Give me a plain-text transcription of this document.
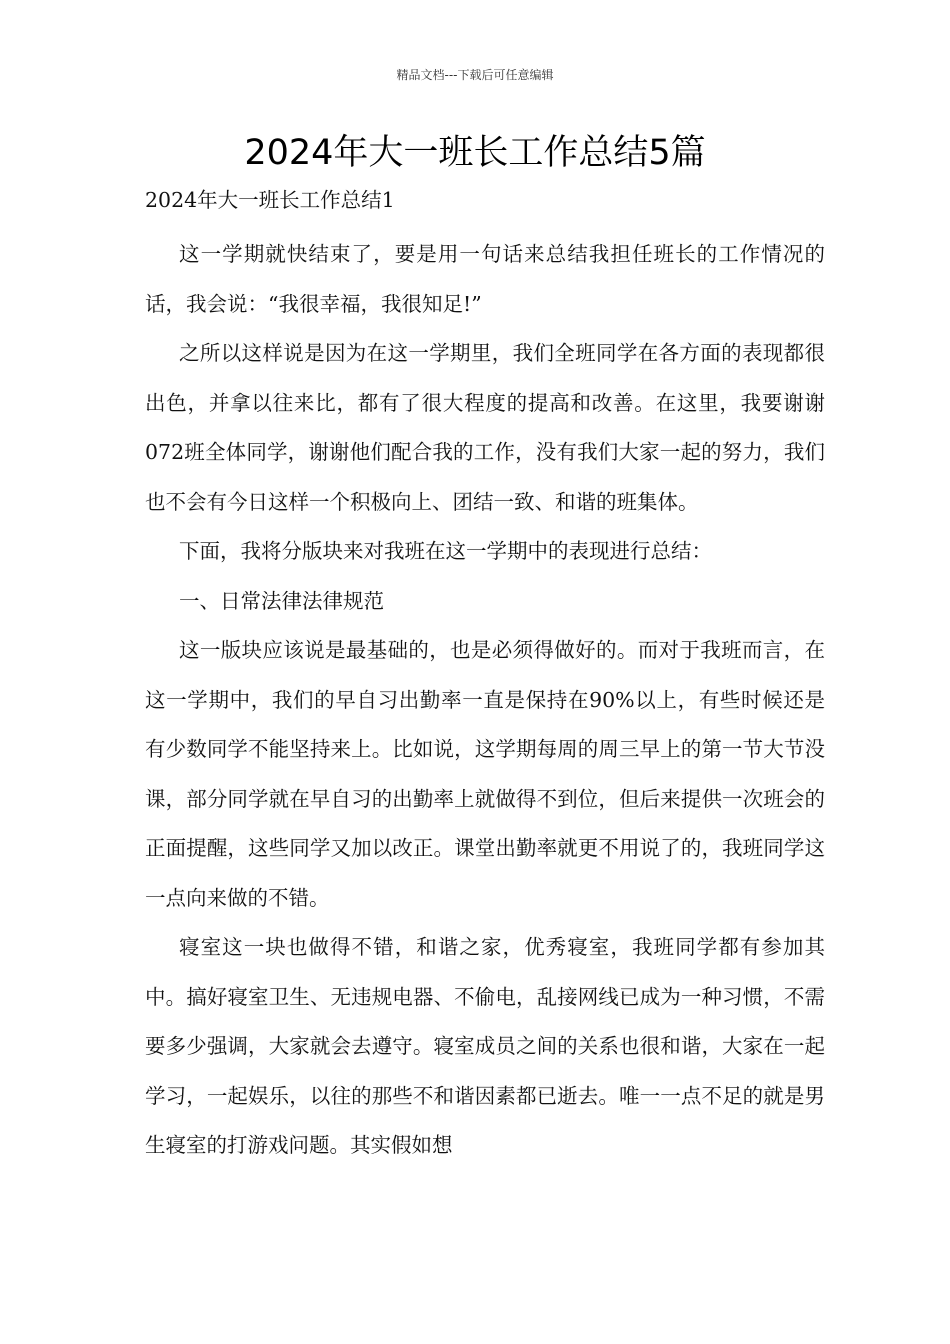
精品文档---下载后可任意编辑
2024年大一班长工作总结5篇

2024年大一班长工作总结1

这一学期就快结束了，要是用一句话来总结我担任班长的工作情况的话，我会说：“我很幸福，我很知足!”

之所以这样说是因为在这一学期里，我们全班同学在各方面的表现都很出色，并拿以往来比，都有了很大程度的提高和改善。在这里，我要谢谢072班全体同学，谢谢他们配合我的工作，没有我们大家一起的努力，我们也不会有今日这样一个积极向上、团结一致、和谐的班集体。

下面，我将分版块来对我班在这一学期中的表现进行总结：

一、日常法律法律规范

这一版块应该说是最基础的，也是必须得做好的。而对于我班而言，在这一学期中，我们的早自习出勤率一直是保持在90%以上，有些时候还是有少数同学不能坚持来上。比如说，这学期每周的周三早上的第一节大节没课，部分同学就在早自习的出勤率上就做得不到位，但后来提供一次班会的正面提醒，这些同学又加以改正。课堂出勤率就更不用说了的，我班同学这一点向来做的不错。

寝室这一块也做得不错，和谐之家，优秀寝室，我班同学都有参加其中。搞好寝室卫生、无违规电器、不偷电，乱接网线已成为一种习惯，不需要多少强调，大家就会去遵守。寝室成员之间的关系也很和谐，大家在一起学习，一起娱乐，以往的那些不和谐因素都已逝去。唯一一点不足的就是男生寝室的打游戏问题。其实假如想
